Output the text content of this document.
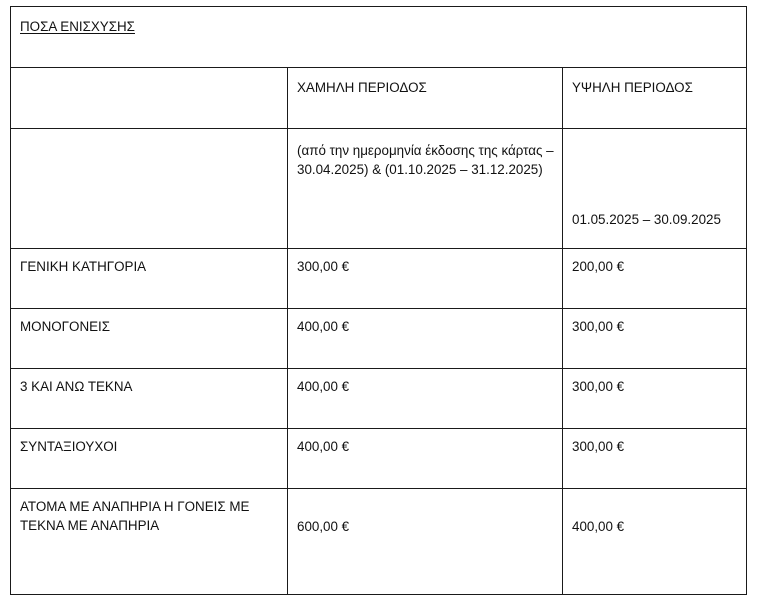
ΠΟΣΑ ΕΝΙΣΧΥΣΗΣ		
	ΧΑΜΗΛΗ ΠΕΡΙΟΔΟΣ	ΥΨΗΛΗ ΠΕΡΙΟΔΟΣ
	(από την ημερομηνία έκδοσης της κάρτας – 30.04.2025) & (01.10.2025 – 31.12.2025)	01.05.2025 – 30.09.2025
ΓΕΝΙΚΗ ΚΑΤΗΓΟΡΙΑ	300,00 €	200,00 €
ΜΟΝΟΓΟΝΕΙΣ	400,00 €	300,00 €
3 ΚΑΙ ΑΝΩ ΤΕΚΝΑ	400,00 €	300,00 €
ΣΥΝΤΑΞΙΟΥΧΟΙ	400,00 €	300,00 €
ΑΤΟΜΑ ΜΕ ΑΝΑΠΗΡΙΑ Η ΓΟΝΕΙΣ ΜΕ ΤΕΚΝΑ ΜΕ ΑΝΑΠΗΡΙΑ	600,00 €	400,00 €
